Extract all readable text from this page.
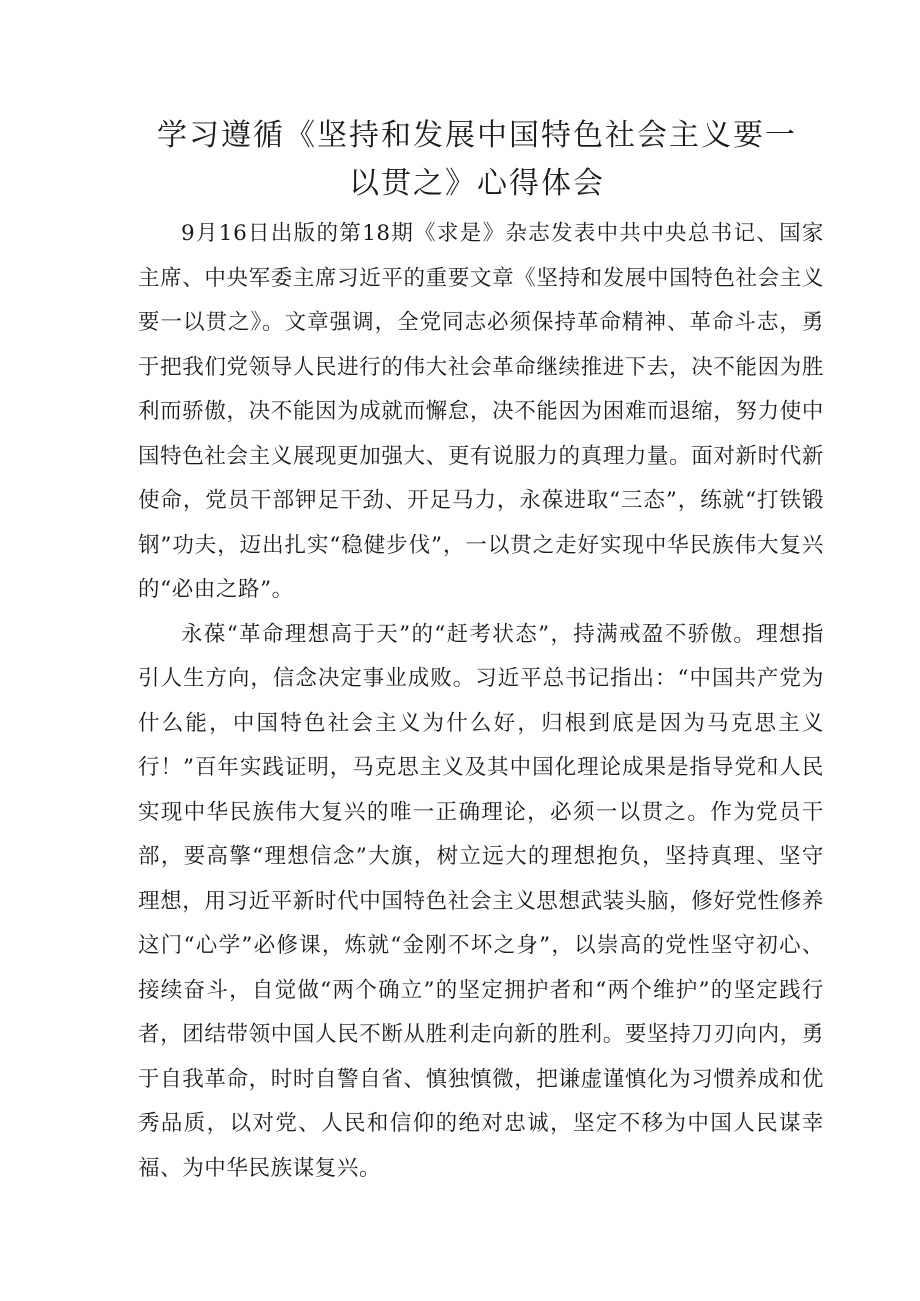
学习遵循《坚持和发展中国特色社会主义要一以贯之》心得体会

9月16日出版的第18期《求是》杂志发表中共中央总书记、国家主席、中央军委主席习近平的重要文章《坚持和发展中国特色社会主义要一以贯之》。文章强调，全党同志必须保持革命精神、革命斗志，勇于把我们党领导人民进行的伟大社会革命继续推进下去，决不能因为胜利而骄傲，决不能因为成就而懈怠，决不能因为困难而退缩，努力使中国特色社会主义展现更加强大、更有说服力的真理力量。面对新时代新使命，党员干部钾足干劲、开足马力，永葆进取“三态”，练就“打铁锻钢”功夫，迈出扎实“稳健步伐”，一以贯之走好实现中华民族伟大复兴的“必由之路”。

永葆“革命理想高于天”的“赶考状态”，持满戒盈不骄傲。理想指引人生方向，信念决定事业成败。习近平总书记指出：“中国共产党为什么能，中国特色社会主义为什么好，归根到底是因为马克思主义行！”百年实践证明，马克思主义及其中国化理论成果是指导党和人民实现中华民族伟大复兴的唯一正确理论，必须一以贯之。作为党员干部，要高擎“理想信念”大旗，树立远大的理想抱负，坚持真理、坚守理想，用习近平新时代中国特色社会主义思想武装头脑，修好党性修养这门“心学”必修课，炼就“金刚不坏之身”，以崇高的党性坚守初心、接续奋斗，自觉做“两个确立”的坚定拥护者和“两个维护”的坚定践行者，团结带领中国人民不断从胜利走向新的胜利。要坚持刀刃向内，勇于自我革命，时时自警自省、慎独慎微，把谦虚谨慎化为习惯养成和优秀品质，以对党、人民和信仰的绝对忠诚，坚定不移为中国人民谋幸福、为中华民族谋复兴。
